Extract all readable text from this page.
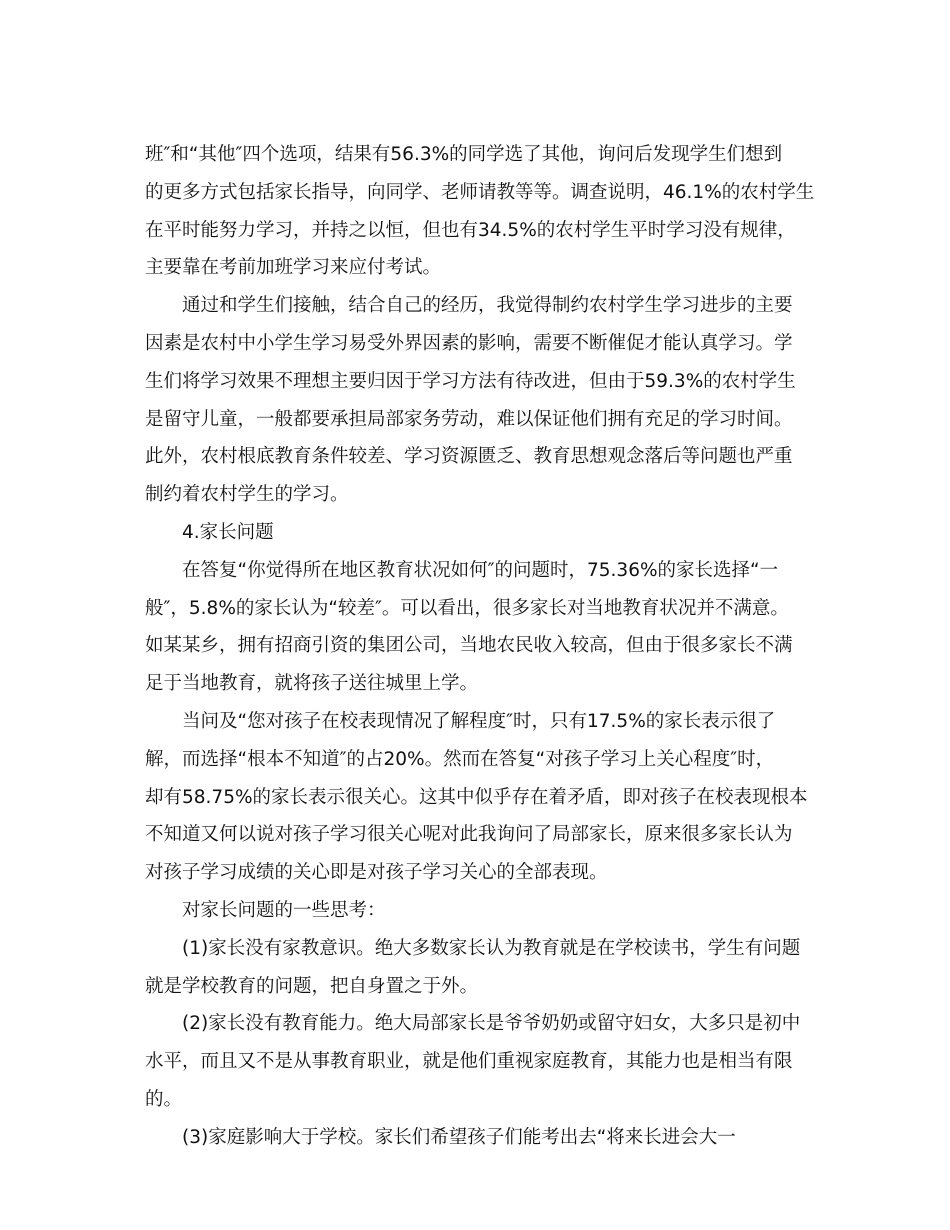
班″和“其他″四个选项，结果有56.3%的同学选了其他，询问后发现学生们想到
的更多方式包括家长指导，向同学、老师请教等等。调查说明，46.1%的农村学生
在平时能努力学习，并持之以恒，但也有34.5%的农村学生平时学习没有规律，
主要靠在考前加班学习来应付考试。
通过和学生们接触，结合自己的经历，我觉得制约农村学生学习进步的主要
因素是农村中小学生学习易受外界因素的影响，需要不断催促才能认真学习。学
生们将学习效果不理想主要归因于学习方法有待改进，但由于59.3%的农村学生
是留守儿童，一般都要承担局部家务劳动，难以保证他们拥有充足的学习时间。
此外，农村根底教育条件较差、学习资源匮乏、教育思想观念落后等问题也严重
制约着农村学生的学习。
4.家长问题
在答复“你觉得所在地区教育状况如何″的问题时，75.36%的家长选择“一
般″，5.8%的家长认为“较差″。可以看出，很多家长对当地教育状况并不满意。
如某某乡，拥有招商引资的集团公司，当地农民收入较高，但由于很多家长不满
足于当地教育，就将孩子送往城里上学。
当问及“您对孩子在校表现情况了解程度″时，只有17.5%的家长表示很了
解，而选择“根本不知道″的占20%。然而在答复“对孩子学习上关心程度″时，
却有58.75%的家长表示很关心。这其中似乎存在着矛盾，即对孩子在校表现根本
不知道又何以说对孩子学习很关心呢对此我询问了局部家长，原来很多家长认为
对孩子学习成绩的关心即是对孩子学习关心的全部表现。
对家长问题的一些思考：
(1)家长没有家教意识。绝大多数家长认为教育就是在学校读书，学生有问题
就是学校教育的问题，把自身置之于外。
(2)家长没有教育能力。绝大局部家长是爷爷奶奶或留守妇女，大多只是初中
水平，而且又不是从事教育职业，就是他们重视家庭教育，其能力也是相当有限
的。
(3)家庭影响大于学校。家长们希望孩子们能考出去“将来长进会大一
